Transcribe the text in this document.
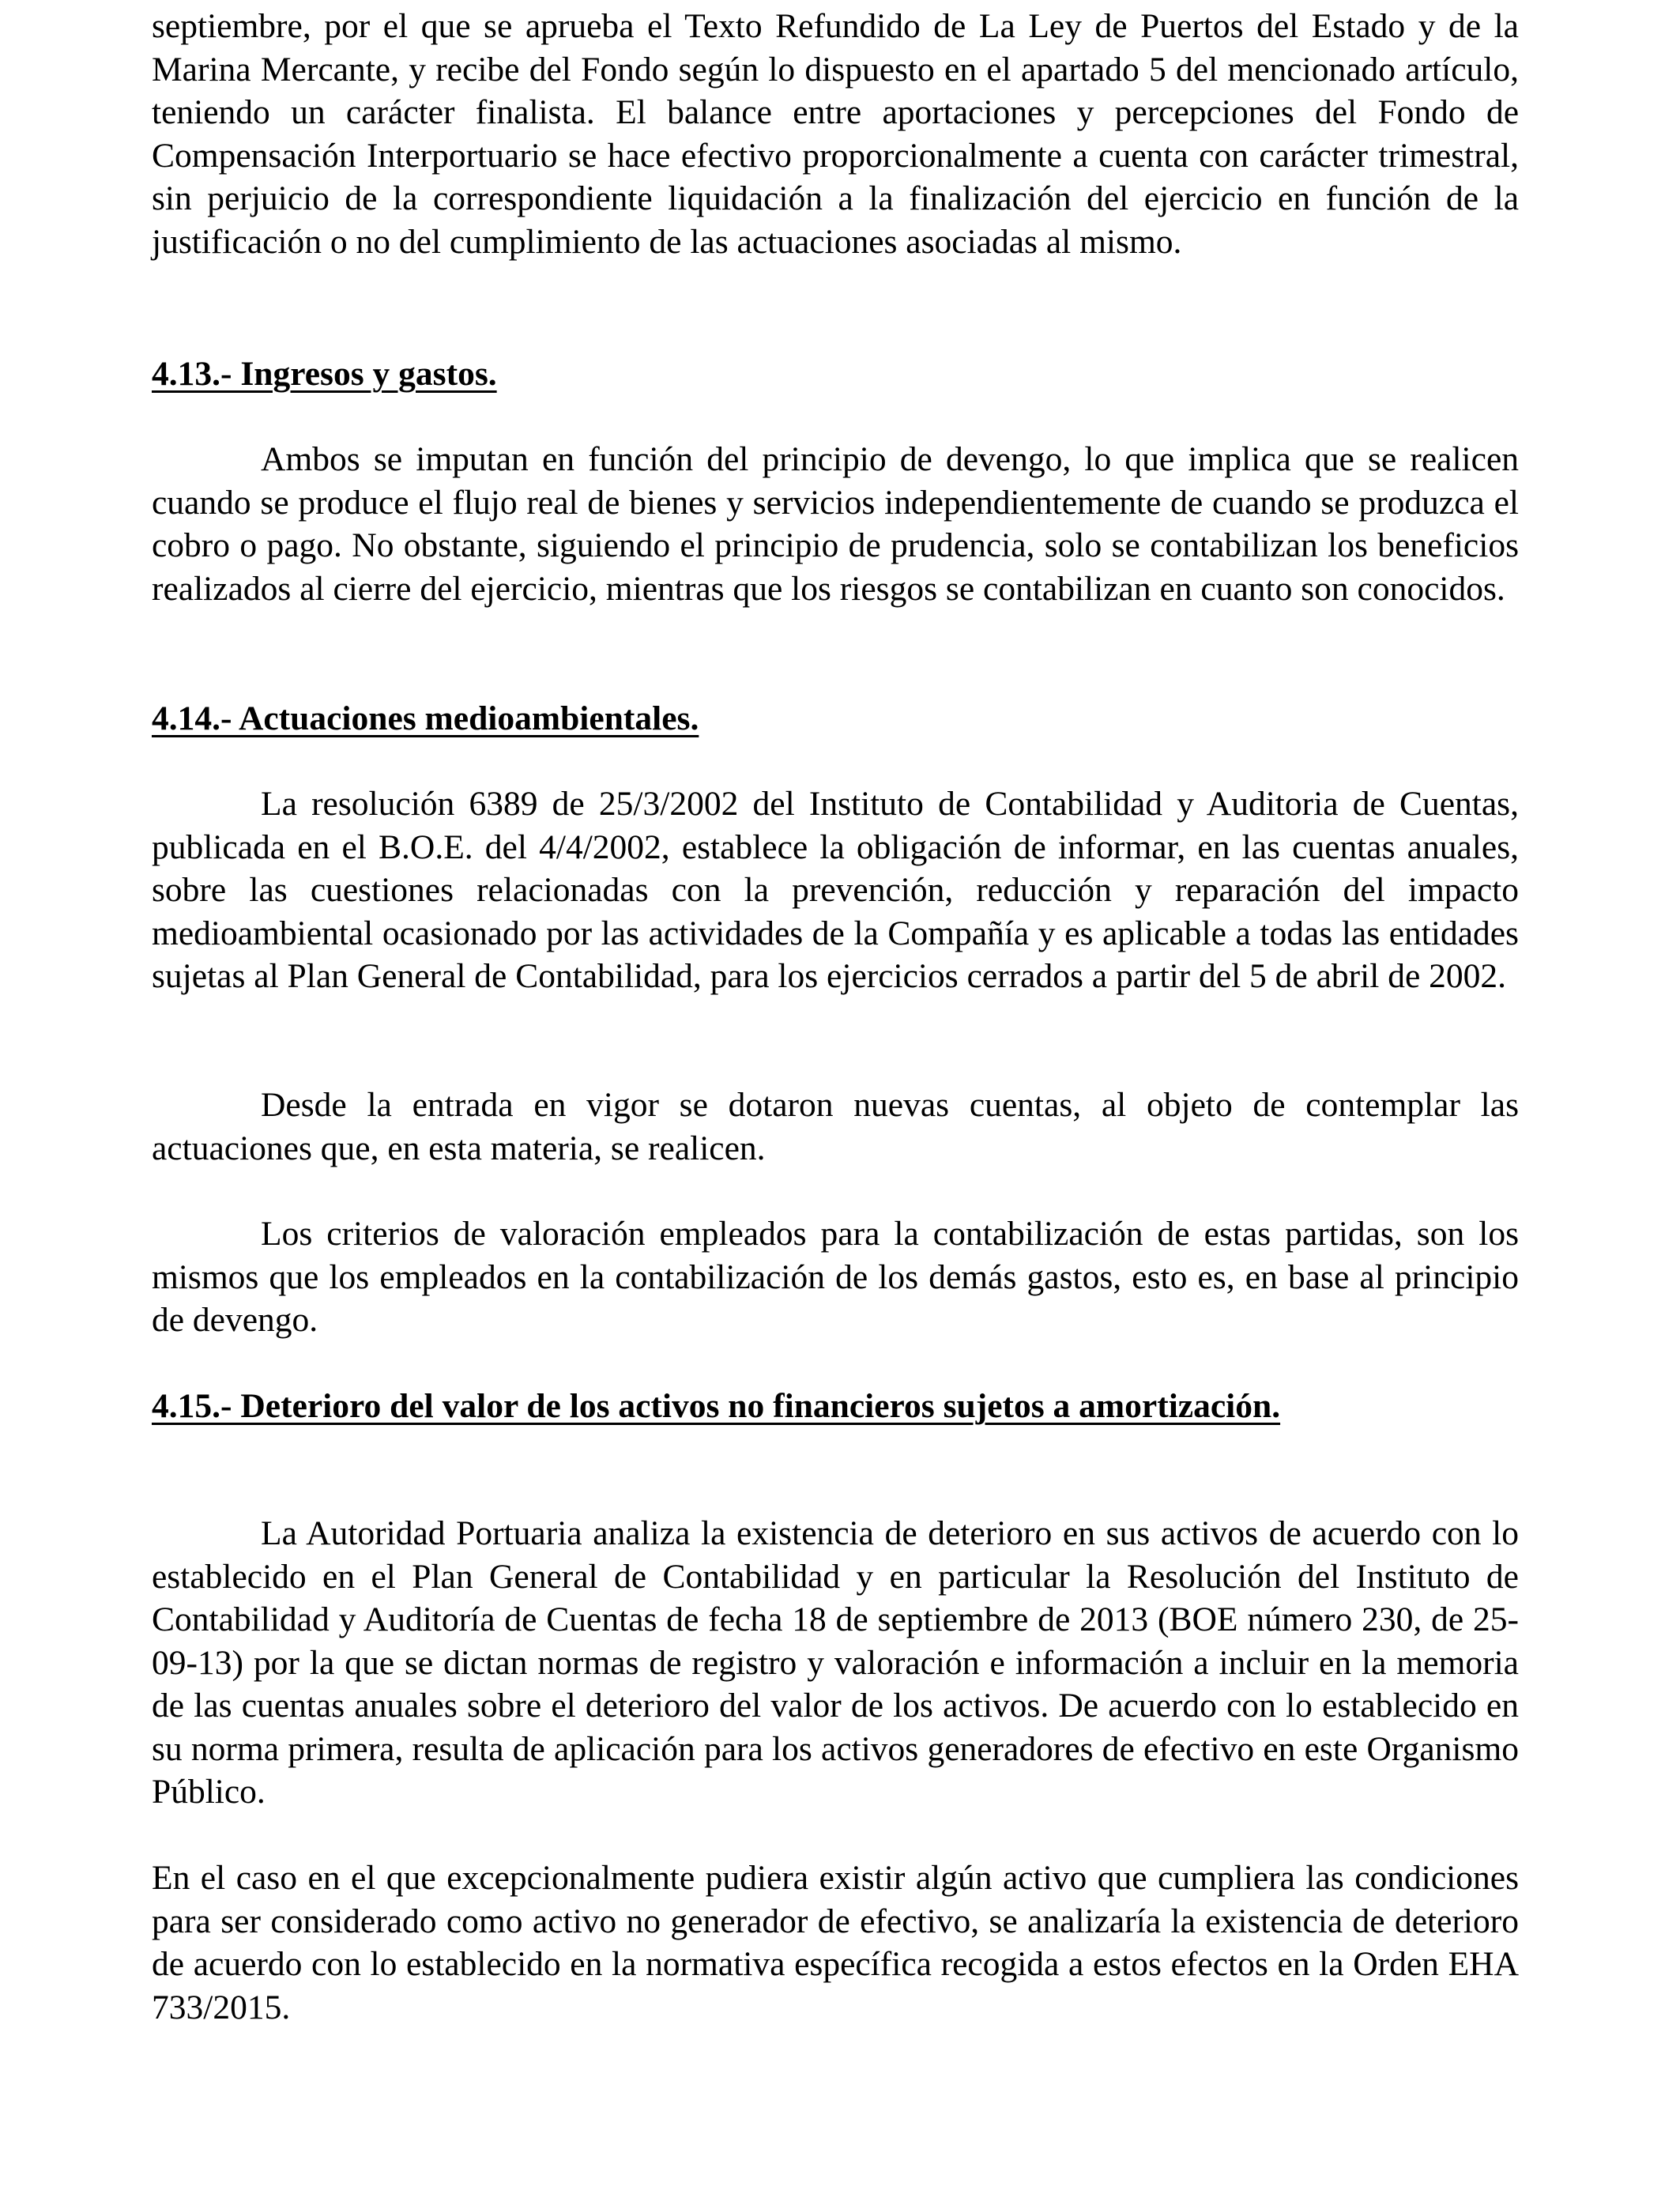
septiembre, por el que se aprueba el Texto Refundido de La Ley de Puertos del Estado y de la Marina Mercante, y recibe del Fondo según lo dispuesto en el apartado 5 del mencionado artículo, teniendo un carácter finalista. El balance entre aportaciones y percepciones del Fondo de Compensación Interportuario se hace efectivo proporcionalmente a cuenta con carácter trimestral, sin perjuicio de la correspondiente liquidación a la finalización del ejercicio en función de la justificación o no del cumplimiento de las actuaciones asociadas al mismo.

4.13.- Ingresos y gastos.

Ambos se imputan en función del principio de devengo, lo que implica que se realicen cuando se produce el flujo real de bienes y servicios independientemente de cuando se produzca el cobro o pago. No obstante, siguiendo el principio de prudencia, solo se contabilizan los beneficios realizados al cierre del ejercicio, mientras que los riesgos se contabilizan en cuanto son conocidos.

4.14.- Actuaciones medioambientales.

La resolución 6389 de 25/3/2002 del Instituto de Contabilidad y Auditoria de Cuentas, publicada en el B.O.E. del 4/4/2002, establece la obligación de informar, en las cuentas anuales, sobre las cuestiones relacionadas con la prevención, reducción y reparación del impacto medioambiental ocasionado por las actividades de la Compañía y es aplicable a todas las entidades sujetas al Plan General de Contabilidad, para los ejercicios cerrados a partir del 5 de abril de 2002.

Desde la entrada en vigor se dotaron nuevas cuentas, al objeto de contemplar las actuaciones que, en esta materia, se realicen.

Los criterios de valoración empleados para la contabilización de estas partidas, son los mismos que los empleados en la contabilización de los demás gastos, esto es, en base al principio de devengo.

4.15.- Deterioro del valor de los activos no financieros sujetos a amortización.

La Autoridad Portuaria analiza la existencia de deterioro en sus activos de acuerdo con lo establecido en el Plan General de Contabilidad y en particular la Resolución del Instituto de Contabilidad y Auditoría de Cuentas de fecha 18 de septiembre de 2013 (BOE número 230, de 25-09-13) por la que se dictan normas de registro y valoración e información a incluir en la memoria de las cuentas anuales sobre el deterioro del valor de los activos. De acuerdo con lo establecido en su norma primera, resulta de aplicación para los activos generadores de efectivo en este Organismo Público.

En el caso en el que excepcionalmente pudiera existir algún activo que cumpliera las condiciones para ser considerado como activo no generador de efectivo, se analizaría la existencia de deterioro de acuerdo con lo establecido en la normativa específica recogida a estos efectos en la Orden EHA 733/2015.
